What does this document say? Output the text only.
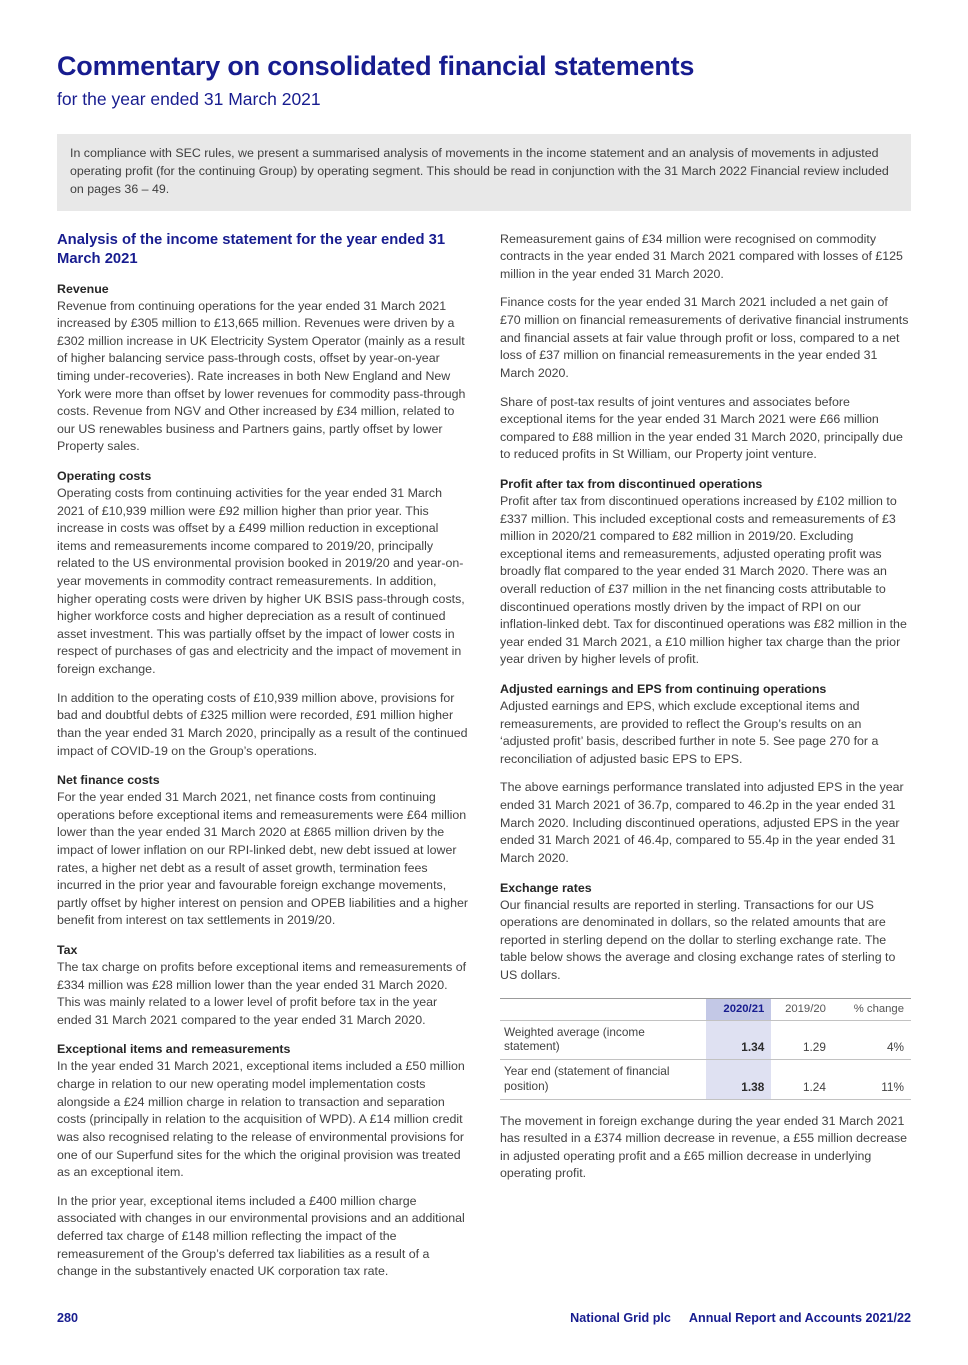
Commentary on consolidated financial statements
for the year ended 31 March 2021
In compliance with SEC rules, we present a summarised analysis of movements in the income statement and an analysis of movements in adjusted operating profit (for the continuing Group) by operating segment. This should be read in conjunction with the 31 March 2022 Financial review included on pages 36 – 49.
Analysis of the income statement for the year ended 31 March 2021
Revenue

Revenue from continuing operations for the year ended 31 March 2021 increased by £305 million to £13,665 million. Revenues were driven by a £302 million increase in UK Electricity System Operator (mainly as a result of higher balancing service pass-through costs, offset by year-on-year timing under-recoveries). Rate increases in both New England and New York were more than offset by lower revenues for commodity pass-through costs. Revenue from NGV and Other increased by £34 million, related to our US renewables business and Partners gains, partly offset by lower Property sales.

Operating costs

Operating costs from continuing activities for the year ended 31 March 2021 of £10,939 million were £92 million higher than prior year. This increase in costs was offset by a £499 million reduction in exceptional items and remeasurements income compared to 2019/20, principally related to the US environmental provision booked in 2019/20 and year-on-year movements in commodity contract remeasurements. In addition, higher operating costs were driven by higher UK BSIS pass-through costs, higher workforce costs and higher depreciation as a result of continued asset investment. This was partially offset by the impact of lower costs in respect of purchases of gas and electricity and the impact of movement in foreign exchange.

In addition to the operating costs of £10,939 million above, provisions for bad and doubtful debts of £325 million were recorded, £91 million higher than the year ended 31 March 2020, principally as a result of the continued impact of COVID-19 on the Group’s operations.

Net finance costs

For the year ended 31 March 2021, net finance costs from continuing operations before exceptional items and remeasurements were £64 million lower than the year ended 31 March 2020 at £865 million driven by the impact of lower inflation on our RPI-linked debt, new debt issued at lower rates, a higher net debt as a result of asset growth, termination fees incurred in the prior year and favourable foreign exchange movements, partly offset by higher interest on pension and OPEB liabilities and a higher benefit from interest on tax settlements in 2019/20.

Tax

The tax charge on profits before exceptional items and remeasurements of £334 million was £28 million lower than the year ended 31 March 2020. This was mainly related to a lower level of profit before tax in the year ended 31 March 2021 compared to the year ended 31 March 2020.

Exceptional items and remeasurements

In the year ended 31 March 2021, exceptional items included a £50 million charge in relation to our new operating model implementation costs alongside a £24 million charge in relation to transaction and separation costs (principally in relation to the acquisition of WPD). A £14 million credit was also recognised relating to the release of environmental provisions for one of our Superfund sites for the which the original provision was treated as an exceptional item.

In the prior year, exceptional items included a £400 million charge associated with changes in our environmental provisions and an additional deferred tax charge of £148 million reflecting the impact of the remeasurement of the Group’s deferred tax liabilities as a result of a change in the substantively enacted UK corporation tax rate.

Remeasurement gains of £34 million were recognised on commodity contracts in the year ended 31 March 2021 compared with losses of £125 million in the year ended 31 March 2020.

Finance costs for the year ended 31 March 2021 included a net gain of £70 million on financial remeasurements of derivative financial instruments and financial assets at fair value through profit or loss, compared to a net loss of £37 million on financial remeasurements in the year ended 31 March 2020.

Share of post-tax results of joint ventures and associates before exceptional items for the year ended 31 March 2021 were £66 million compared to £88 million in the year ended 31 March 2020, principally due to reduced profits in St William, our Property joint venture.

Profit after tax from discontinued operations

Profit after tax from discontinued operations increased by £102 million to £337 million. This included exceptional costs and remeasurements of £3 million in 2020/21 compared to £82 million in 2019/20. Excluding exceptional items and remeasurements, adjusted operating profit was broadly flat compared to the year ended 31 March 2020. There was an overall reduction of £37 million in the net financing costs attributable to discontinued operations mostly driven by the impact of RPI on our inflation-linked debt. Tax for discontinued operations was £82 million in the year ended 31 March 2021, a £10 million higher tax charge than the prior year driven by higher levels of profit.

Adjusted earnings and EPS from continuing operations

Adjusted earnings and EPS, which exclude exceptional items and remeasurements, are provided to reflect the Group’s results on an ‘adjusted profit’ basis, described further in note 5. See page 270 for a reconciliation of adjusted basic EPS to EPS.

The above earnings performance translated into adjusted EPS in the year ended 31 March 2021 of 36.7p, compared to 46.2p in the year ended 31 March 2020. Including discontinued operations, adjusted EPS in the year ended 31 March 2021 of 46.4p, compared to 55.4p in the year ended 31 March 2020.

Exchange rates

Our financial results are reported in sterling. Transactions for our US operations are denominated in dollars, so the related amounts that are reported in sterling depend on the dollar to sterling exchange rate. The table below shows the average and closing exchange rates of sterling to US dollars.

	2020/21	2019/20	% change
Weighted average (income statement)	1.34	1.29	4%
Year end (statement of financial position)	1.38	1.24	11%

The movement in foreign exchange during the year ended 31 March 2021 has resulted in a £374 million decrease in revenue, a £55 million decrease in adjusted operating profit and a £65 million decrease in underlying operating profit.

280	National Grid plc Annual Report and Accounts 2021/22
